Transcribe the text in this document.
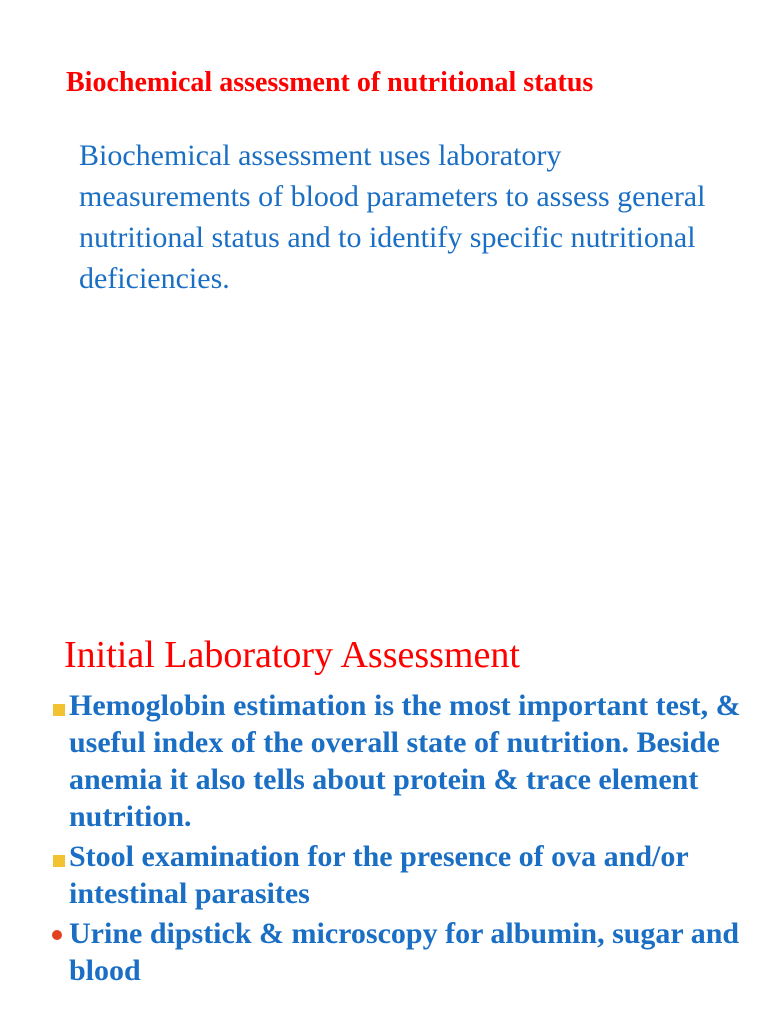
Biochemical assessment of nutritional status
Biochemical assessment uses laboratory measurements of blood parameters to assess general nutritional status and to identify specific nutritional deficiencies.
Initial Laboratory Assessment
Hemoglobin estimation is the most important test, & useful index of the overall state of nutrition. Beside anemia it also tells about protein & trace element nutrition.
Stool examination for the presence of ova and/or intestinal parasites
Urine dipstick & microscopy for albumin, sugar and blood
